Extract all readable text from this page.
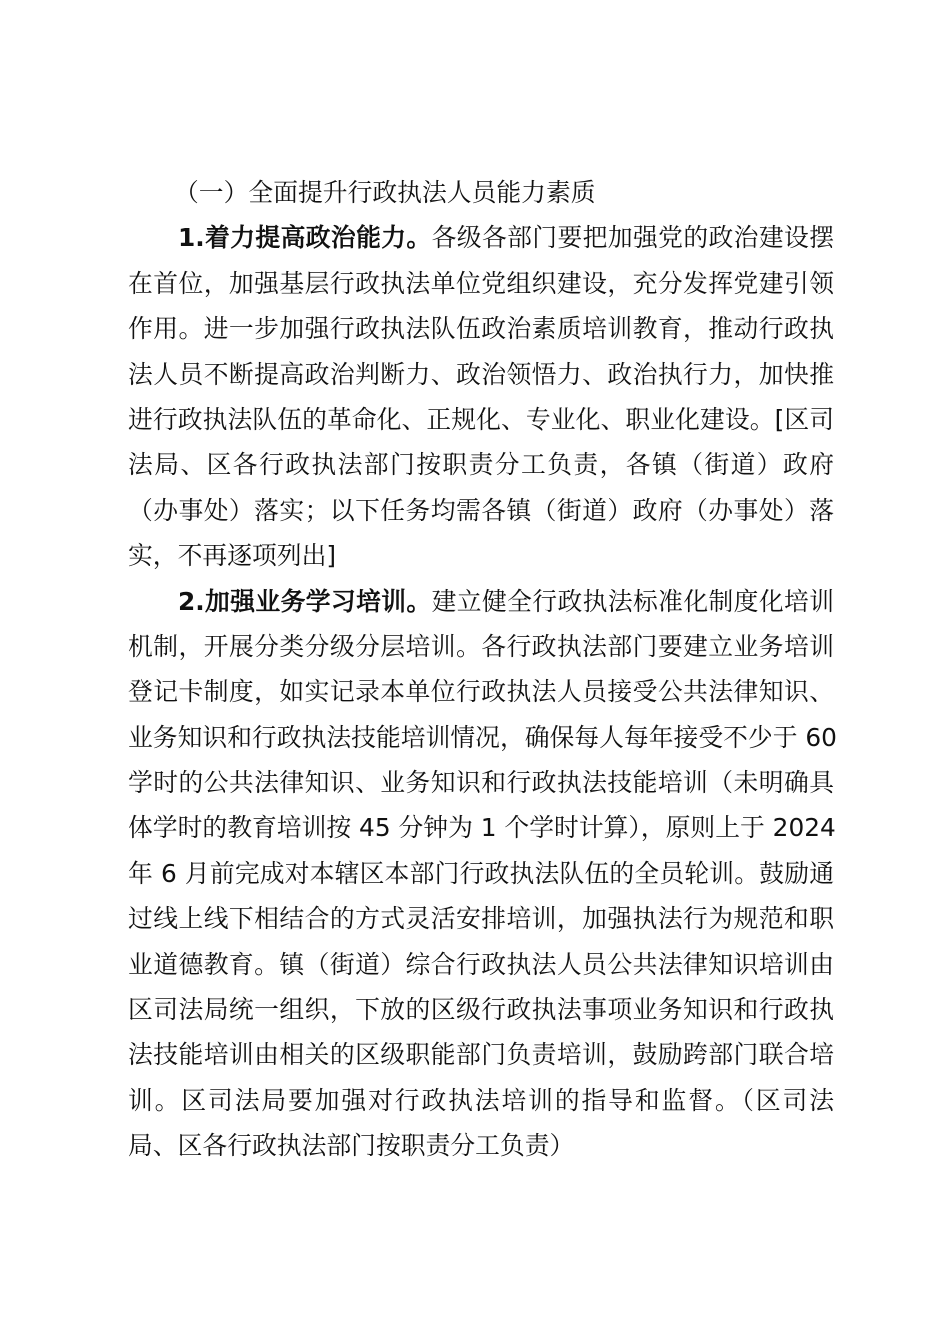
（一）全面提升行政执法人员能力素质
1.着力提高政治能力。各级各部门要把加强党的政治建设摆
在首位，加强基层行政执法单位党组织建设，充分发挥党建引领
作用。进一步加强行政执法队伍政治素质培训教育，推动行政执
法人员不断提高政治判断力、政治领悟力、政治执行力，加快推
进行政执法队伍的革命化、正规化、专业化、职业化建设。[区司
法局、区各行政执法部门按职责分工负责，各镇（街道）政府
（办事处）落实；以下任务均需各镇（街道）政府（办事处）落
实，不再逐项列出]
2.加强业务学习培训。建立健全行政执法标准化制度化培训
机制，开展分类分级分层培训。各行政执法部门要建立业务培训
登记卡制度，如实记录本单位行政执法人员接受公共法律知识、
业务知识和行政执法技能培训情况，确保每人每年接受不少于 60
学时的公共法律知识、业务知识和行政执法技能培训（未明确具
体学时的教育培训按 45 分钟为 1 个学时计算），原则上于 2024
年 6 月前完成对本辖区本部门行政执法队伍的全员轮训。鼓励通
过线上线下相结合的方式灵活安排培训，加强执法行为规范和职
业道德教育。镇（街道）综合行政执法人员公共法律知识培训由
区司法局统一组织，下放的区级行政执法事项业务知识和行政执
法技能培训由相关的区级职能部门负责培训，鼓励跨部门联合培
训。区司法局要加强对行政执法培训的指导和监督。（区司法
局、区各行政执法部门按职责分工负责）
